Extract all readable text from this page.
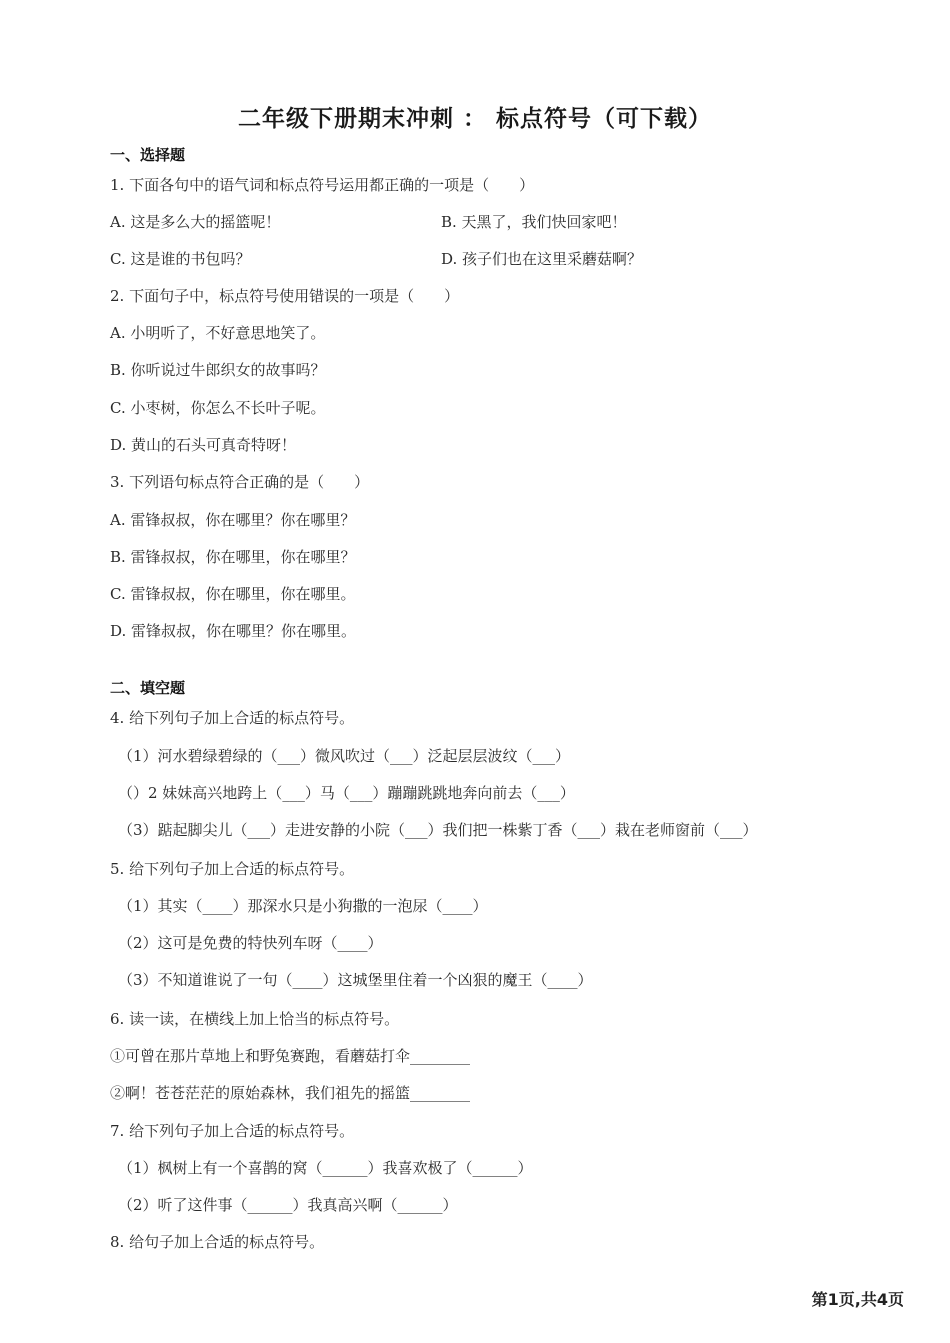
二年级下册期末冲刺 ： 标点符号（可下载）
一、选择题
1. 下面各句中的语气词和标点符号运用都正确的一项是（　　）
A. 这是多么大的摇篮呢！	B. 天黑了，我们快回家吧！
C. 这是谁的书包吗？	D. 孩子们也在这里采蘑菇啊？
2. 下面句子中，标点符号使用错误的一项是（　　）
A. 小明听了，不好意思地笑了。
B. 你听说过牛郎织女的故事吗？
C. 小枣树，你怎么不长叶子呢。
D. 黄山的石头可真奇特呀！
3. 下列语句标点符合正确的是（　　）
A. 雷锋叔叔，你在哪里？你在哪里？
B. 雷锋叔叔，你在哪里，你在哪里？
C. 雷锋叔叔，你在哪里，你在哪里。
D. 雷锋叔叔，你在哪里？你在哪里。
二、填空题
4. 给下列句子加上合适的标点符号。
（1）河水碧绿碧绿的（___）微风吹过（___）泛起层层波纹（___）
（）2 妹妹高兴地跨上（___）马（___）蹦蹦跳跳地奔向前去（___）
（3）踮起脚尖儿（___）走进安静的小院（___）我们把一株紫丁香（___）栽在老师窗前（___）
5. 给下列句子加上合适的标点符号。
（1）其实（____）那深水只是小狗撒的一泡尿（____）
（2）这可是免费的特快列车呀（____）
（3）不知道谁说了一句（____）这城堡里住着一个凶狠的魔王（____）
6. 读一读，在横线上加上恰当的标点符号。
①可曾在那片草地上和野兔赛跑，看蘑菇打伞________
②啊！苍苍茫茫的原始森林，我们祖先的摇篮________
7. 给下列句子加上合适的标点符号。
（1）枫树上有一个喜鹊的窝（______）我喜欢极了（______）
（2）听了这件事（______）我真高兴啊（______）
8. 给句子加上合适的标点符号。
第1页,共4页
